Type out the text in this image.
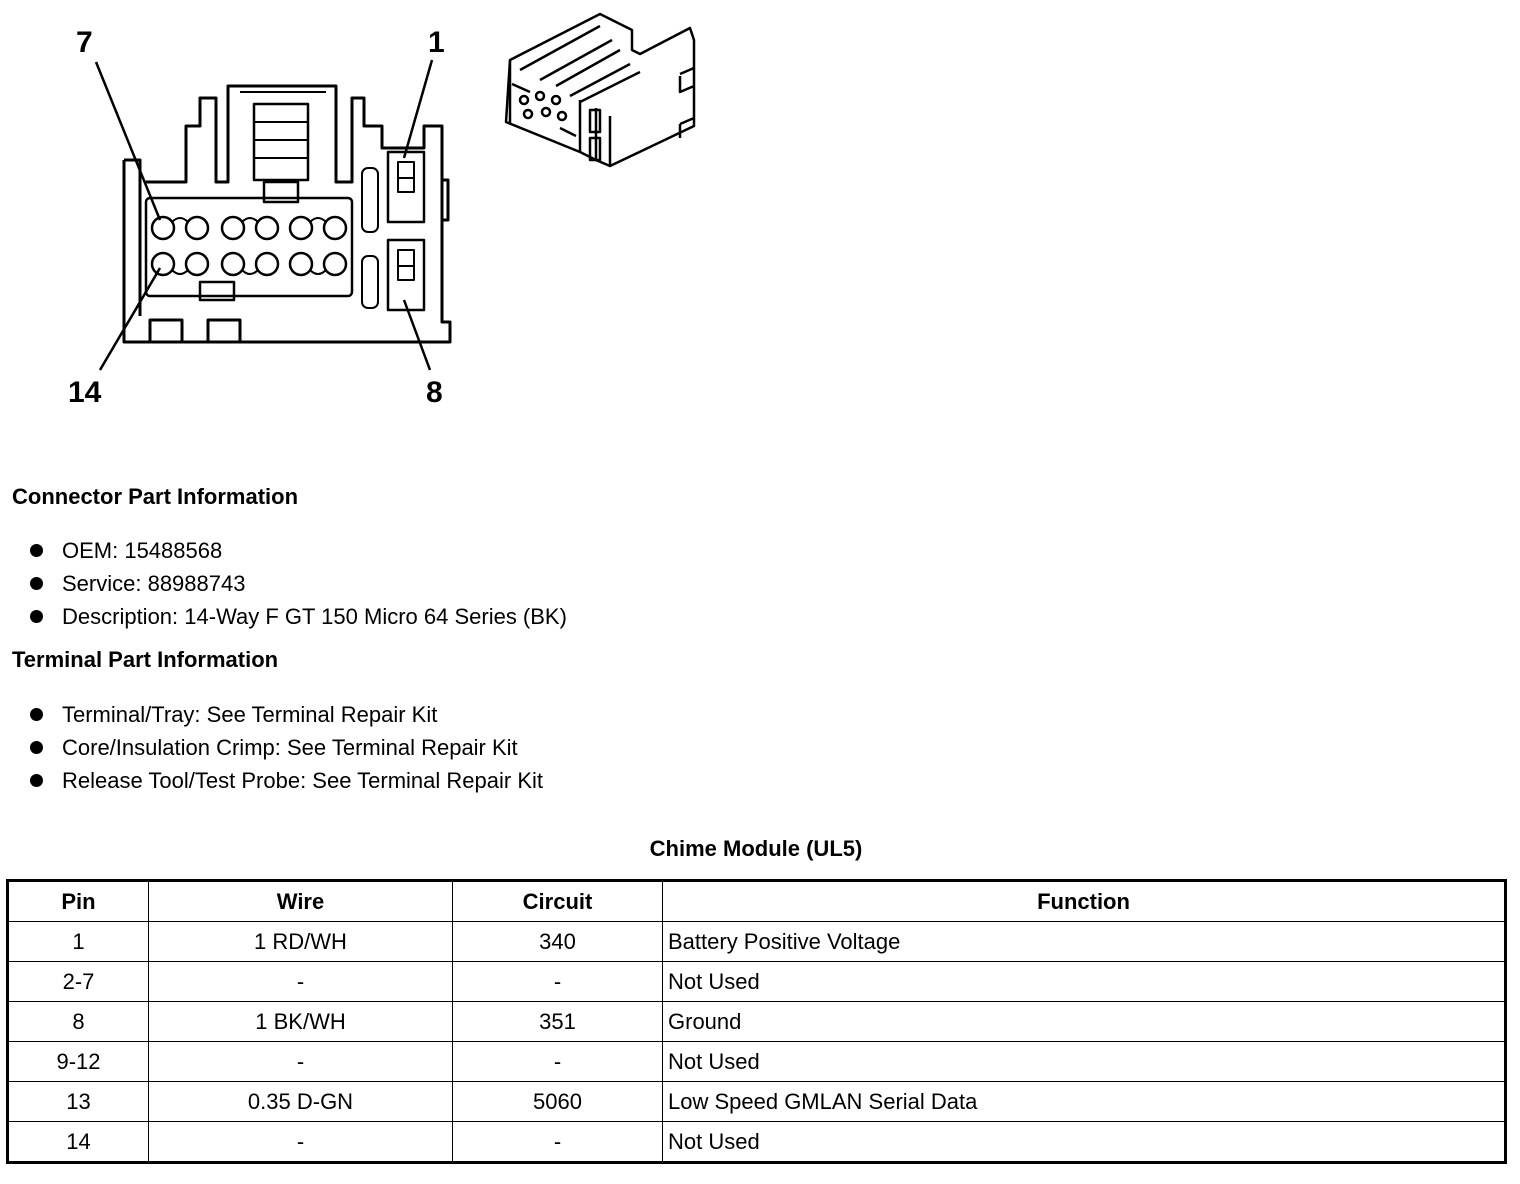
7	1
14	8
Connector Part Information
OEM: 15488568
Service: 88988743
Description: 14-Way F GT 150 Micro 64 Series (BK)
Terminal Part Information
Terminal/Tray: See Terminal Repair Kit
Core/Insulation Crimp: See Terminal Repair Kit
Release Tool/Test Probe: See Terminal Repair Kit
Chime Module (UL5)
Pin	Wire	Circuit	Function
1	1 RD/WH	340	Battery Positive Voltage
2-7	-	-	Not Used
8	1 BK/WH	351	Ground
9-12	-	-	Not Used
13	0.35 D-GN	5060	Low Speed GMLAN Serial Data
14	-	-	Not Used
